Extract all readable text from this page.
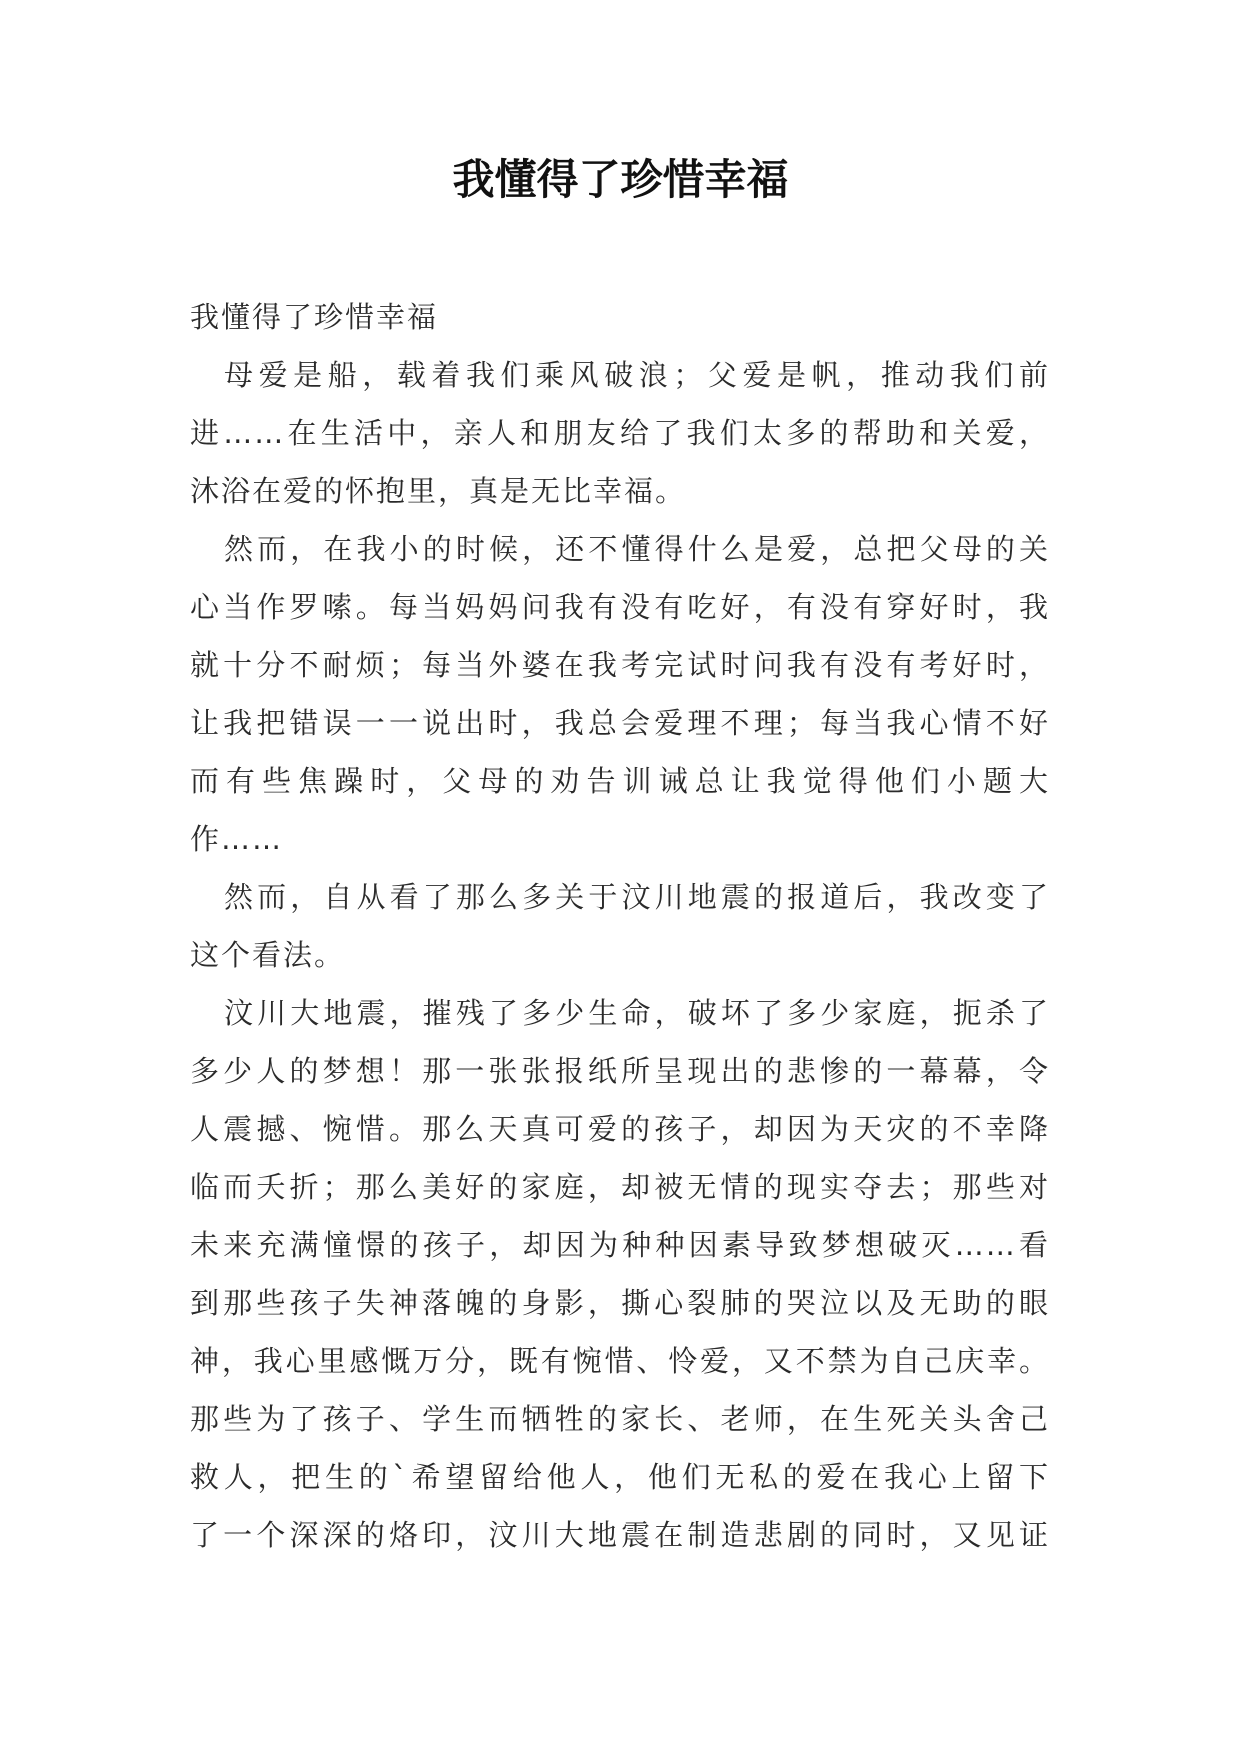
我懂得了珍惜幸福

我懂得了珍惜幸福

母爱是船，载着我们乘风破浪；父爱是帆，推动我们前
进……在生活中，亲人和朋友给了我们太多的帮助和关爱，
沐浴在爱的怀抱里，真是无比幸福。

然而，在我小的时候，还不懂得什么是爱，总把父母的关
心当作罗嗦。每当妈妈问我有没有吃好，有没有穿好时，我
就十分不耐烦；每当外婆在我考完试时问我有没有考好时，
让我把错误一一说出时，我总会爱理不理；每当我心情不好
而有些焦躁时，父母的劝告训诫总让我觉得他们小题大
作……

然而，自从看了那么多关于汶川地震的报道后，我改变了
这个看法。

汶川大地震，摧残了多少生命，破坏了多少家庭，扼杀了
多少人的梦想！那一张张报纸所呈现出的悲惨的一幕幕，令
人震撼、惋惜。那么天真可爱的孩子，却因为天灾的不幸降
临而夭折；那么美好的家庭，却被无情的现实夺去；那些对
未来充满憧憬的孩子，却因为种种因素导致梦想破灭……看
到那些孩子失神落魄的身影，撕心裂肺的哭泣以及无助的眼
神，我心里感慨万分，既有惋惜、怜爱，又不禁为自己庆幸。
那些为了孩子、学生而牺牲的家长、老师，在生死关头舍己
救人，把生的`希望留给他人，他们无私的爱在我心上留下
了一个深深的烙印，汶川大地震在制造悲剧的同时，又见证
